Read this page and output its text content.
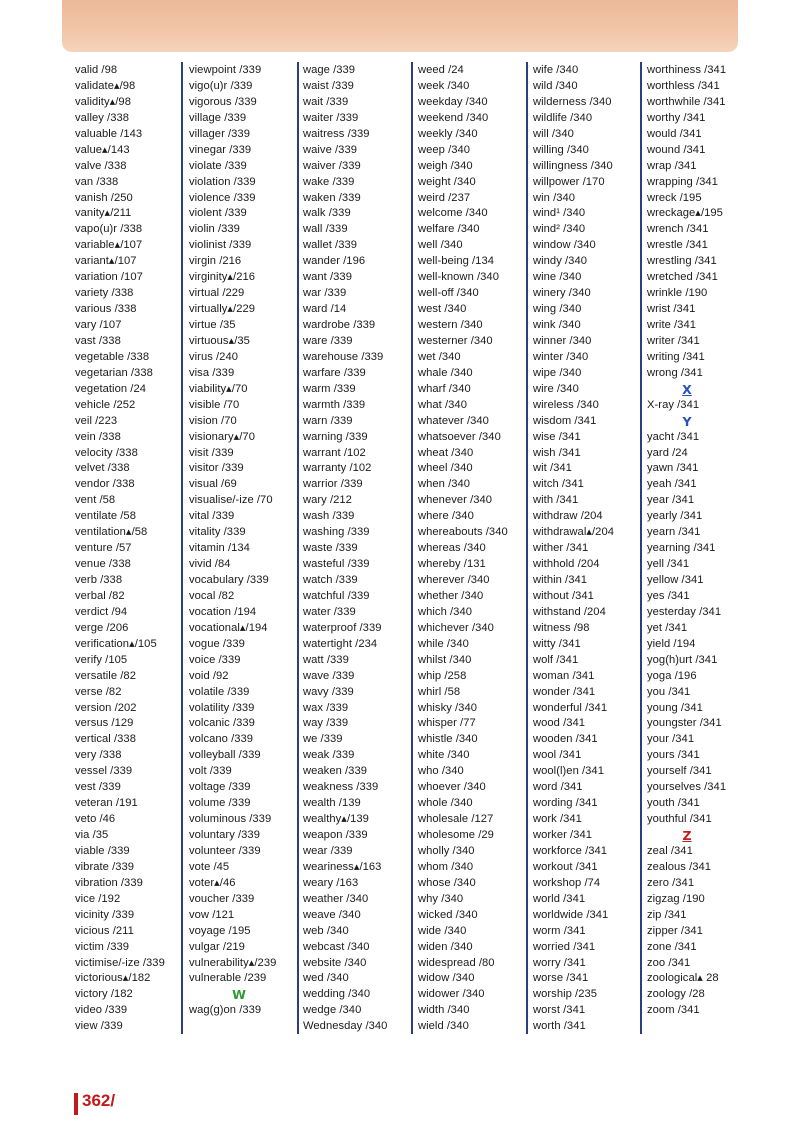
valid /98
validate▴/98
validity▴/98
valley /338
valuable /143
value▴/143
valve /338
van /338
vanish /250
vanity▴/211
vapo(u)r /338
variable▴/107
variant▴/107
variation /107
variety /338
various /338
vary /107
vast /338
vegetable /338
vegetarian /338
vegetation /24
vehicle /252
veil /223
vein /338
velocity /338
velvet /338
vendor /338
vent /58
ventilate /58
ventilation▴/58
venture /57
venue /338
verb /338
verbal /82
verdict /94
verge /206
verification▴/105
verify /105
versatile /82
verse /82
version /202
versus /129
vertical /338
very /338
vessel /339
vest /339
veteran /191
veto /46
via /35
viable /339
vibrate /339
vibration /339
vice /192
vicinity /339
vicious /211
victim /339
victimise/-ize /339
victorious▴/182
victory /182
video /339
view /339
viewpoint /339
vigo(u)r /339
vigorous /339
village /339
villager /339
vinegar /339
violate /339
violation /339
violence /339
violent /339
violin /339
violinist /339
virgin /216
virginity▴/216
virtual /229
virtually▴/229
virtue /35
virtuous▴/35
virus /240
visa /339
viability▴/70
visible /70
vision /70
visionary▴/70
visit /339
visitor /339
visual /69
visualise/-ize /70
vital /339
vitality /339
vitamin /134
vivid /84
vocabulary /339
vocal /82
vocation /194
vocational▴/194
vogue /339
voice /339
void /92
volatile /339
volatility /339
volcanic /339
volcano /339
volleyball /339
volt /339
voltage /339
volume /339
voluminous /339
voluntary /339
volunteer /339
vote /45
voter▴/46
voucher /339
vow /121
voyage /195
vulgar /219
vulnerability▴/239
vulnerable /239
W
wag(g)on /339
wage /339
waist /339
wait /339
waiter /339
waitress /339
waive /339
waiver /339
wake /339
waken /339
walk /339
wall /339
wallet /339
wander /196
want /339
war /339
ward /14
wardrobe /339
ware /339
warehouse /339
warfare /339
warm /339
warmth /339
warn /339
warning /339
warrant /102
warranty /102
warrior /339
wary /212
wash /339
washing /339
waste /339
wasteful /339
watch /339
watchful /339
water /339
waterproof /339
watertight /234
watt /339
wave /339
wavy /339
wax /339
way /339
we /339
weak /339
weaken /339
weakness /339
wealth /139
wealthy▴/139
weapon /339
wear /339
weariness▴/163
weary /163
weather /340
weave /340
web /340
webcast /340
website /340
wed /340
wedding /340
wedge /340
Wednesday /340
weed /24
week /340
weekday /340
weekend /340
weekly /340
weep /340
weigh /340
weight /340
weird /237
welcome /340
welfare /340
well /340
well-being /134
well-known /340
well-off /340
west /340
western /340
westerner /340
wet /340
whale /340
wharf /340
what /340
whatever /340
whatsoever /340
wheat /340
wheel /340
when /340
whenever /340
where /340
whereabouts /340
whereas /340
whereby /131
wherever /340
whether /340
which /340
whichever /340
while /340
whilst /340
whip /258
whirl /58
whisky /340
whisper /77
whistle /340
white /340
who /340
whoever /340
whole /340
wholesale /127
wholesome /29
wholly /340
whom /340
whose /340
why /340
wicked /340
wide /340
widen /340
widespread /80
widow /340
widower /340
width /340
wield /340
wife /340
wild /340
wilderness /340
wildlife /340
will /340
willing /340
willingness /340
willpower /170
win /340
wind¹ /340
wind² /340
window /340
windy /340
wine /340
winery /340
wing /340
wink /340
winner /340
winter /340
wipe /340
wire /340
wireless /340
wisdom /341
wise /341
wish /341
wit /341
witch /341
with /341
withdraw /204
withdrawal▴/204
wither /341
withhold /204
within /341
without /341
withstand /204
witness /98
witty /341
wolf /341
woman /341
wonder /341
wonderful /341
wood /341
wooden /341
wool /341
wool(l)en /341
word /341
wording /341
work /341
worker /341
workforce /341
workout /341
workshop /74
world /341
worldwide /341
worm /341
worried /341
worry /341
worse /341
worship /235
worst /341
worth /341
worthiness /341
worthless /341
worthwhile /341
worthy /341
would /341
wound /341
wrap /341
wrapping /341
wreck /195
wreckage▴/195
wrench /341
wrestle /341
wrestling /341
wretched /341
wrinkle /190
wrist /341
write /341
writer /341
writing /341
wrong /341
X
X-ray /341
Y
yacht /341
yard /24
yawn /341
yeah /341
year /341
yearly /341
yearn /341
yearning /341
yell /341
yellow /341
yes /341
yesterday /341
yet /341
yield /194
yog(h)urt /341
yoga /196
you /341
young /341
youngster /341
your /341
yours /341
yourself /341
yourselves /341
youth /341
youthful /341
Z
zeal /341
zealous /341
zero /341
zigzag /190
zip /341
zipper /341
zone /341
zoo /341
zoological▴ 28
zoology /28
zoom /341
362/
